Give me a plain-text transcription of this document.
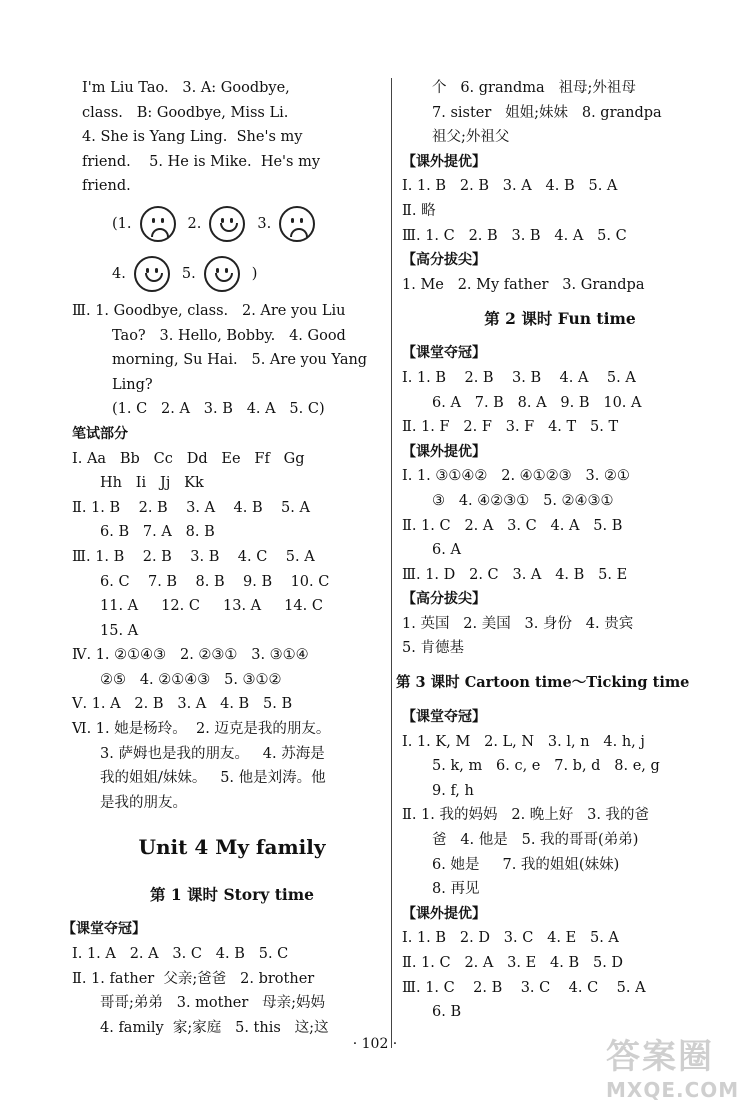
I'm Liu Tao.   3. A: Goodbye,
class.   B: Goodbye, Miss Li.
4. She is Yang Ling.  She's my
friend.    5. He is Mike.  He's my
friend.
(1.	2.	3.
4.	5.	)
Ⅲ. 1. Goodbye, class.   2. Are you Liu
Tao?   3. Hello, Bobby.   4. Good
morning, Su Hai.   5. Are you Yang
Ling?
(1. C   2. A   3. B   4. A   5. C)
笔试部分
Ⅰ. Aa   Bb   Cc   Dd   Ee   Ff   Gg
Hh   Ii   Jj   Kk
Ⅱ. 1. B    2. B    3. A    4. B    5. A
6. B   7. A   8. B
Ⅲ. 1. B    2. B    3. B    4. C    5. A
6. C    7. B    8. B    9. B    10. C
11. A     12. C     13. A     14. C
15. A
Ⅳ. 1. ②①④③   2. ②③①   3. ③①④
②⑤   4. ②①④③   5. ③①②
Ⅴ. 1. A   2. B   3. A   4. B   5. B
Ⅵ. 1. 她是杨玲。  2. 迈克是我的朋友。
3. 萨姆也是我的朋友。   4. 苏海是
我的姐姐/妹妹。   5. 他是刘涛。他
是我的朋友。
Unit 4 My family
第 1 课时 Story time
【课堂夺冠】
Ⅰ. 1. A   2. A   3. C   4. B   5. C
Ⅱ. 1. father  父亲;爸爸   2. brother
哥哥;弟弟   3. mother   母亲;妈妈
4. family  家;家庭   5. this   这;这
个   6. grandma   祖母;外祖母
7. sister   姐姐;妹妹   8. grandpa
祖父;外祖父
【课外提优】
Ⅰ. 1. B   2. B   3. A   4. B   5. A
Ⅱ. 略
Ⅲ. 1. C   2. B   3. B   4. A   5. C
【高分拔尖】
1. Me   2. My father   3. Grandpa
第 2 课时 Fun time
【课堂夺冠】
Ⅰ. 1. B    2. B    3. B    4. A    5. A
6. A   7. B   8. A   9. B   10. A
Ⅱ. 1. F   2. F   3. F   4. T   5. T
【课外提优】
Ⅰ. 1. ③①④②   2. ④①②③   3. ②①
③   4. ④②③①   5. ②④③①
Ⅱ. 1. C   2. A   3. C   4. A   5. B
6. A
Ⅲ. 1. D   2. C   3. A   4. B   5. E
【高分拔尖】
1. 英国   2. 美国   3. 身份   4. 贵宾
5. 肯德基
第 3 课时 Cartoon time～Ticking time
【课堂夺冠】
Ⅰ. 1. K, M   2. L, N   3. l, n   4. h, j
5. k, m   6. c, e   7. b, d   8. e, g
9. f, h
Ⅱ. 1. 我的妈妈   2. 晚上好   3. 我的爸
爸   4. 他是   5. 我的哥哥(弟弟)
6. 她是     7. 我的姐姐(妹妹)
8. 再见
【课外提优】
Ⅰ. 1. B   2. D   3. C   4. E   5. A
Ⅱ. 1. C   2. A   3. E   4. B   5. D
Ⅲ. 1. C    2. B    3. C    4. C    5. A
6. B
· 102 ·	答案圈
MXQE.COM
